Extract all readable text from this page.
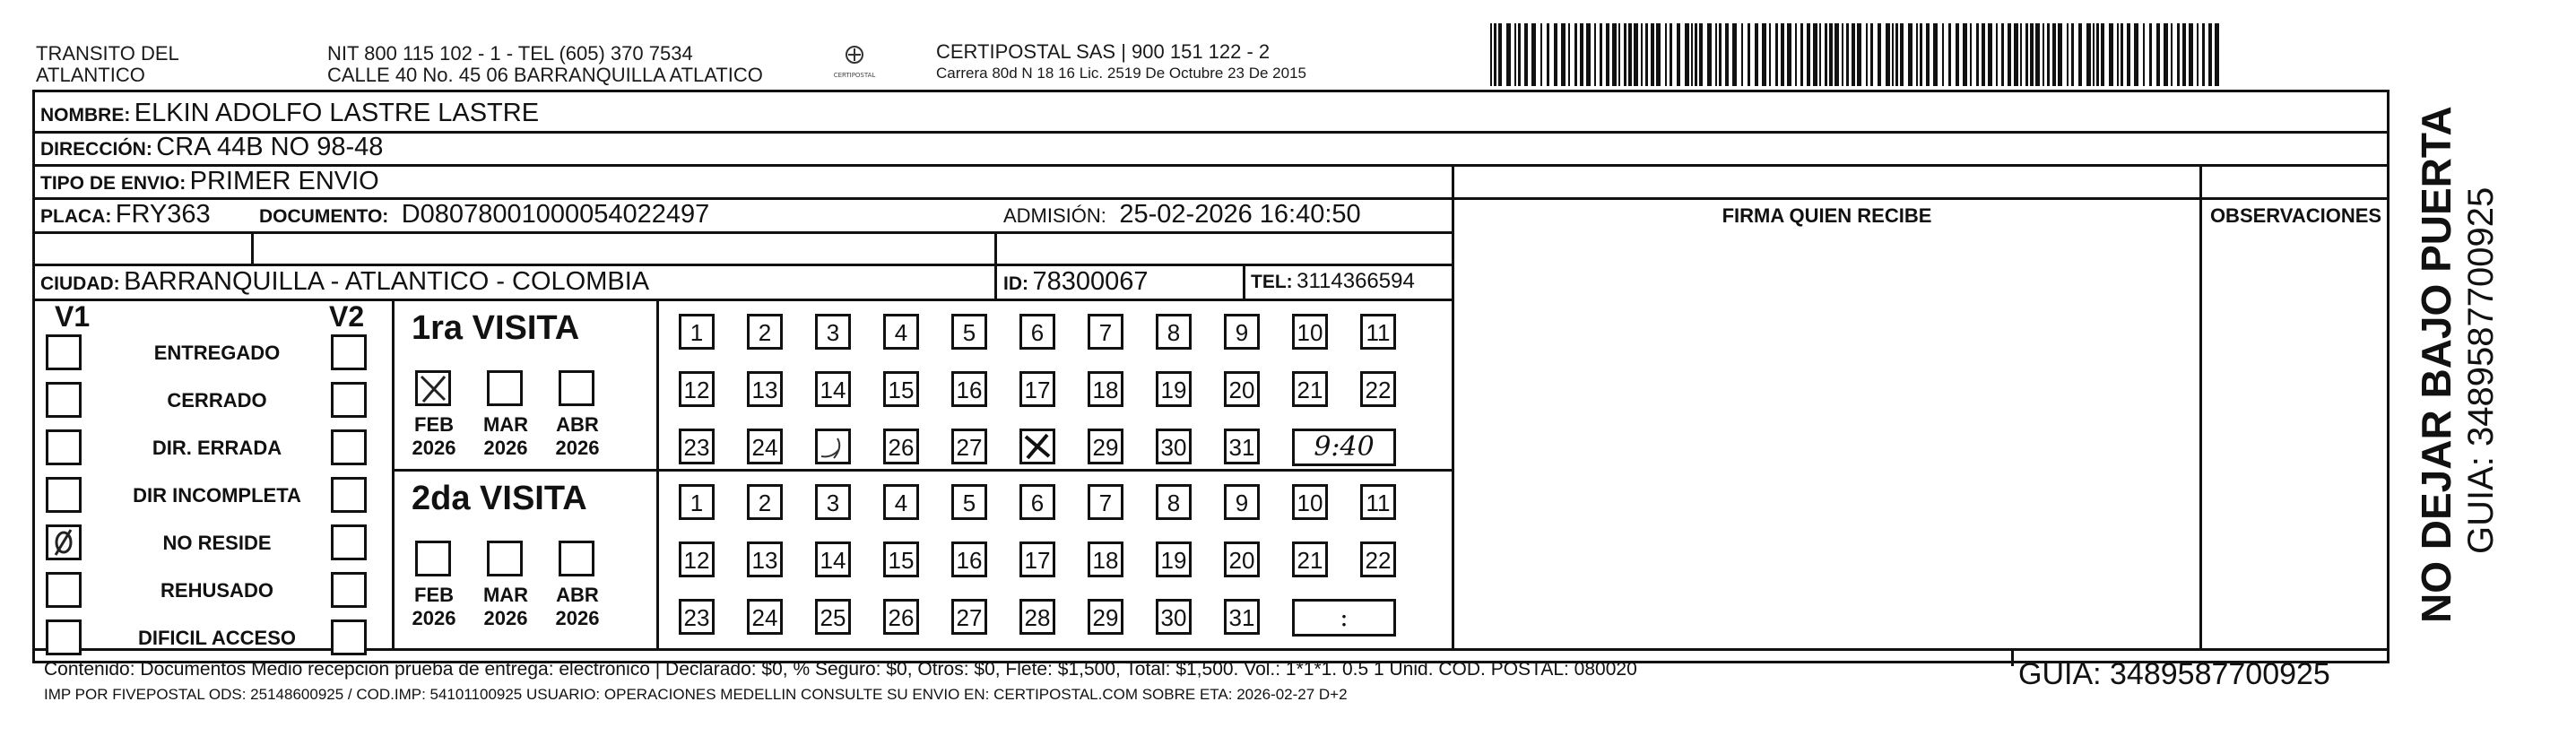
TRANSITO DEL
ATLANTICO
NIT 800 115 102 - 1 - TEL (605) 370 7534
CALLE 40 No. 45 06 BARRANQUILLA ATLATICO	CERTIPOSTAL
CERTIPOSTAL SAS | 900 151 122 - 2
Carrera 80d N 18 16 Lic. 2519 De Octubre 23 De 2015
NOMBRE: ELKIN ADOLFO LASTRE LASTRE
DIRECCIÓN: CRA 44B NO 98-48
TIPO DE ENVIO: PRIMER ENVIO
PLACA: FRY363	DOCUMENTO: D08078001000054022497	ADMISIÓN: 25-02-2026 16:40:50
CIUDAD: BARRANQUILLA - ATLANTICO - COLOMBIA	ID: 78300067	TEL: 3114366594
FIRMA QUIEN RECIBE	OBSERVACIONES
V1	V2
ENTREGADO
CERRADO
DIR. ERRADA
DIR INCOMPLETA
NO RESIDE
REHUSADO
DIFICIL ACCESO
1ra VISITA
FEB
2026
MAR
2026
ABR
2026
1	2	3	4	5	6	7	8	9	10 11
12 13 14 15 16 17 18 19 20 21 22
23 24	26 27	29 30 31	9:40
2da VISITA
FEB
2026
MAR
2026
ABR
2026
1	2	3	4	5	6	7	8	9	10 11
12 13 14 15 16 17 18 19 20 21 22
23 24 25 26 27 28 29 30 31	:
Contenido: Documentos Medio recepción prueba de entrega: electrónico | Declarado: $0, % Seguro: $0, Otros: $0, Flete: $1,500, Total: $1,500. Vol.: 1*1*1. 0.5 1 Unid. COD. POSTAL: 080020
IMP POR FIVEPOSTAL ODS: 25148600925 / COD.IMP: 54101100925 USUARIO: OPERACIONES MEDELLIN CONSULTE SU ENVIO EN: CERTIPOSTAL.COM SOBRE ETA: 2026-02-27 D+2
GUIA: 3489587700925
NO DEJAR BAJO PUERTA GUIA: 3489587700925
